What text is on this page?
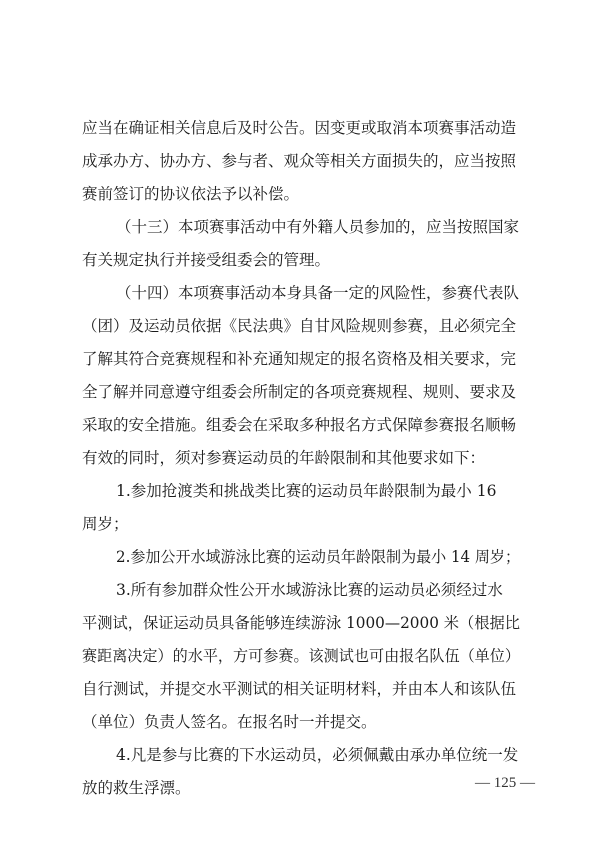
应当在确证相关信息后及时公告。因变更或取消本项赛事活动造
成承办方、协办方、参与者、观众等相关方面损失的，应当按照
赛前签订的协议依法予以补偿。
（十三）本项赛事活动中有外籍人员参加的，应当按照国家
有关规定执行并接受组委会的管理。
（十四）本项赛事活动本身具备一定的风险性，参赛代表队
（团）及运动员依据《民法典》自甘风险规则参赛，且必须完全
了解其符合竞赛规程和补充通知规定的报名资格及相关要求，完
全了解并同意遵守组委会所制定的各项竞赛规程、规则、要求及
采取的安全措施。组委会在采取多种报名方式保障参赛报名顺畅
有效的同时，须对参赛运动员的年龄限制和其他要求如下：
1.参加抢渡类和挑战类比赛的运动员年龄限制为最小 16
周岁；
2.参加公开水域游泳比赛的运动员年龄限制为最小 14 周岁；
3.所有参加群众性公开水域游泳比赛的运动员必须经过水
平测试，保证运动员具备能够连续游泳 1000—2000 米（根据比
赛距离决定）的水平，方可参赛。该测试也可由报名队伍（单位）
自行测试，并提交水平测试的相关证明材料，并由本人和该队伍
（单位）负责人签名。在报名时一并提交。
4.凡是参与比赛的下水运动员，必须佩戴由承办单位统一发
放的救生浮漂。	— 125 —
